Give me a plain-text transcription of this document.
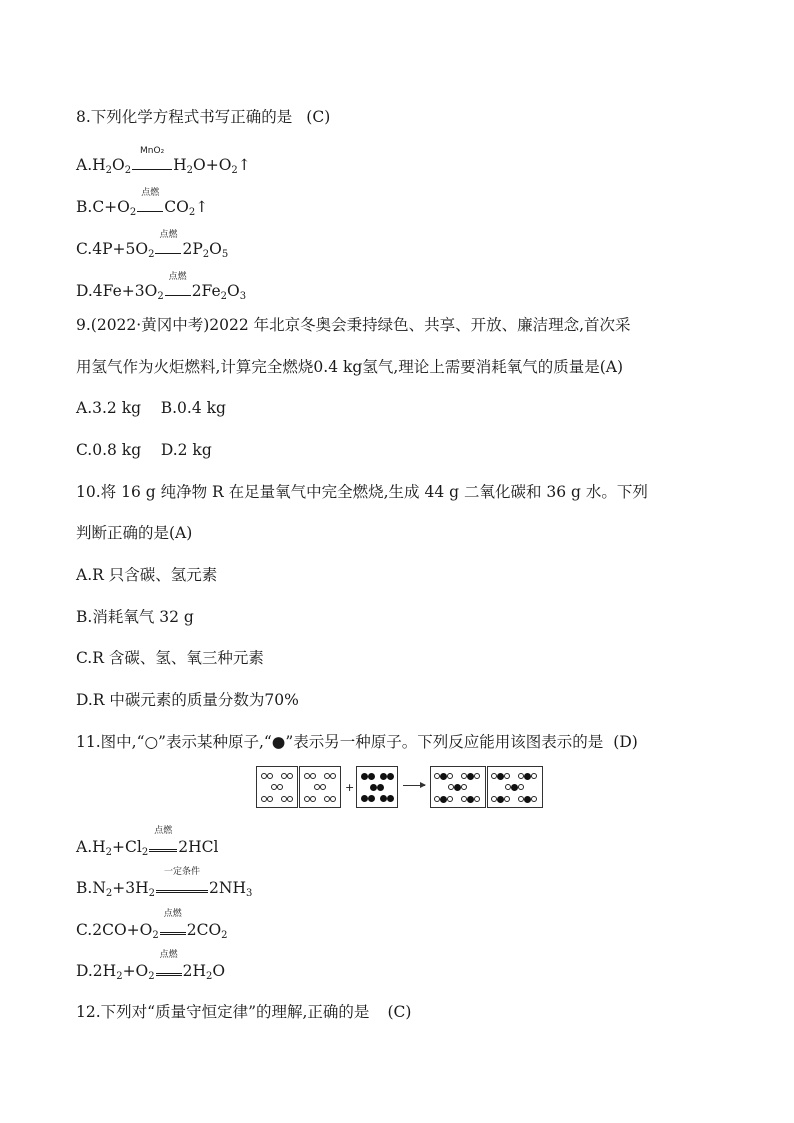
8.下列化学方程式书写正确的是 (C)
$A.H_2O_2$
MnO₂
$H_2O+O_2↑$
$B.C+O_2$
点燃
$CO_2↑$
$C.4P+5O_2$
点燃
$2P_2O_5$
$D.4Fe+3O_2$
点燃
$2Fe_2O_3$
9.(2022·黄冈中考)2022 年北京冬奥会秉持绿色、共享、开放、廉洁理念,首次采
用氢气作为火炬燃料,计算完全燃烧0.4 kg氢气,理论上需要消耗氧气的质量是(A)
A.3.2 kg    B.0.4 kg
C.0.8 kg    D.2 kg
10.将 16 g 纯净物 R 在足量氧气中完全燃烧,生成 44 g 二氧化碳和 36 g 水。下列
判断正确的是(A)
A.R 只含碳、氢元素
B.消耗氧气 32 g
C.R 含碳、氢、氧三种元素
D.R 中碳元素的质量分数为70%
11.图中,“○”表示某种原子,“●”表示另一种原子。下列反应能用该图表示的是 (D)
+
$A.H_2+Cl_2$
点燃
2HCl
$B.N_2+3H_2$
一定条件
$2NH_3$
$C.2CO+O_2$
点燃
$2CO_2$
$D.2H_2+O_2$
点燃
$2H_2O$
12.下列对“质量守恒定律”的理解,正确的是 (C)
